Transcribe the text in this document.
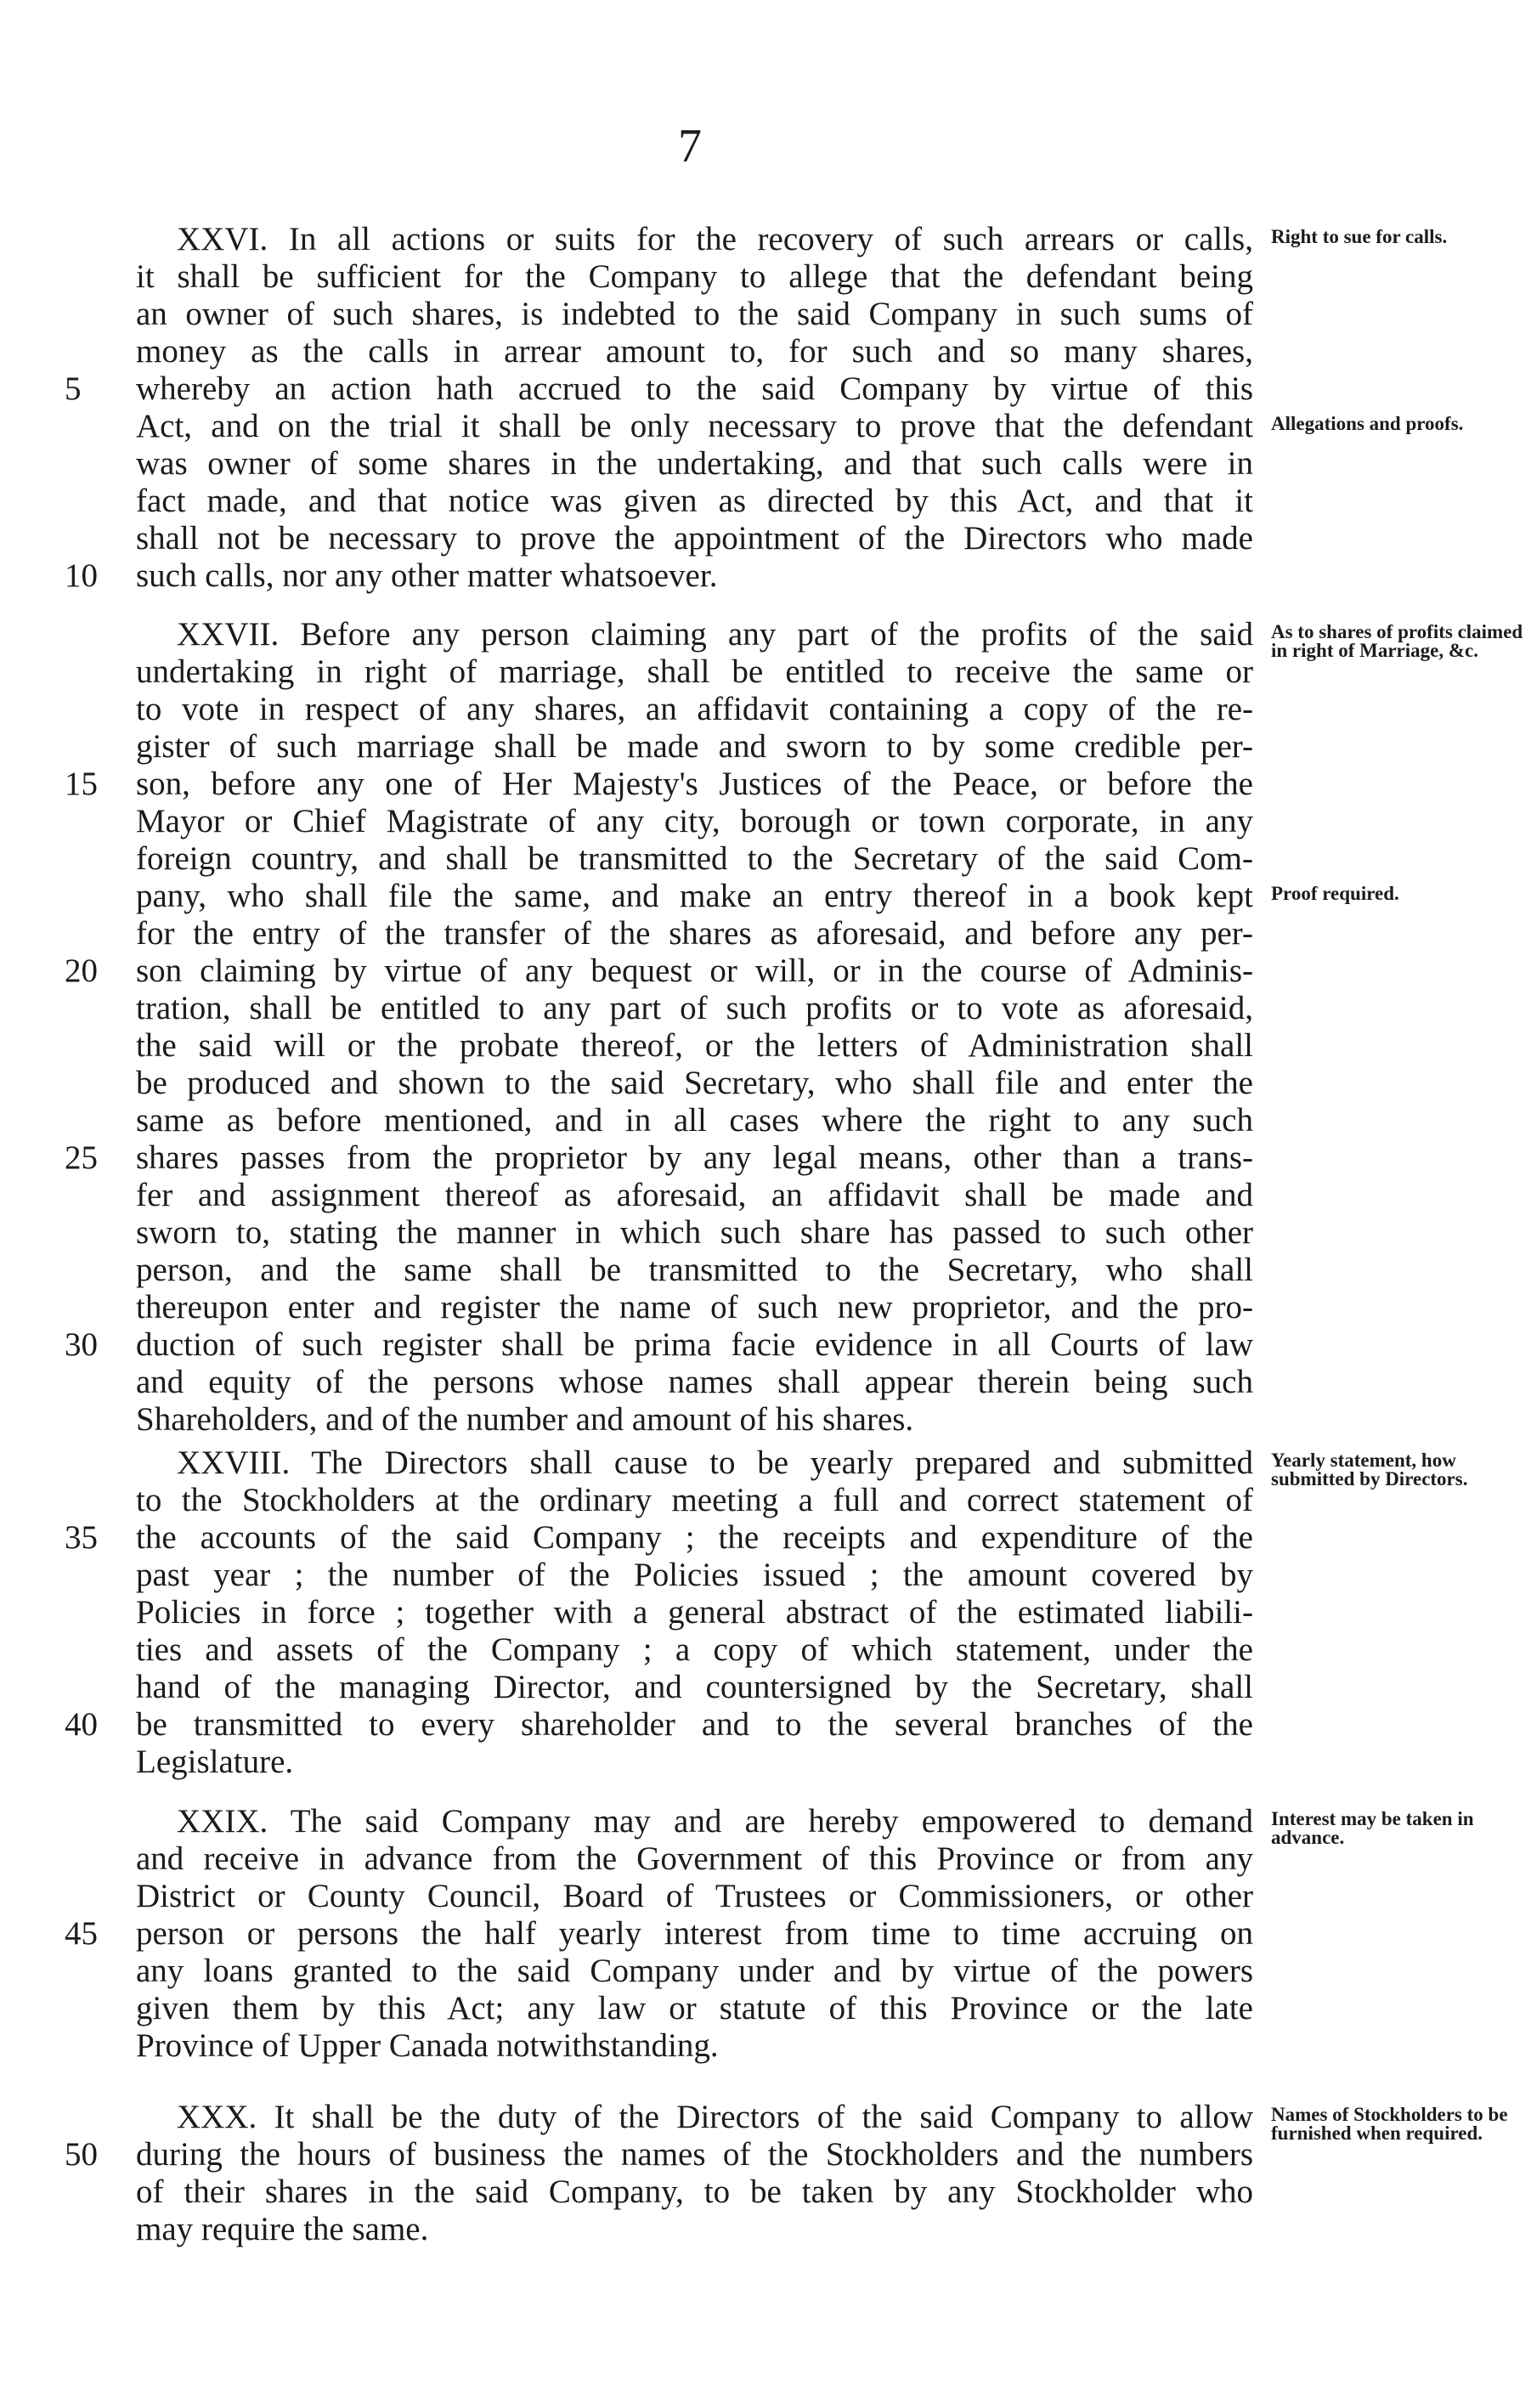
7
XXVI. In all actions or suits for the recovery of such arrears or calls,
it shall be sufficient for the Company to allege that the defendant being
an owner of such shares, is indebted to the said Company in such sums of
money as the calls in arrear amount to, for such and so many shares,
whereby an action hath accrued to the said Company by virtue of this
Act, and on the trial it shall be only necessary to prove that the defendant
was owner of some shares in the undertaking, and that such calls were in
fact made, and that notice was given as directed by this Act, and that it
shall not be necessary to prove the appointment of the Directors who made
such calls, nor any other matter whatsoever.
5
10
Right to sue for calls.
Allegations and proofs.
XXVII. Before any person claiming any part of the profits of the said
undertaking in right of marriage, shall be entitled to receive the same or
to vote in respect of any shares, an affidavit containing a copy of the re-
gister of such marriage shall be made and sworn to by some credible per-
son, before any one of Her Majesty's Justices of the Peace, or before the
Mayor or Chief Magistrate of any city, borough or town corporate, in any
foreign country, and shall be transmitted to the Secretary of the said Com-
pany, who shall file the same, and make an entry thereof in a book kept
for the entry of the transfer of the shares as aforesaid, and before any per-
son claiming by virtue of any bequest or will, or in the course of Adminis-
tration, shall be entitled to any part of such profits or to vote as aforesaid,
the said will or the probate thereof, or the letters of Administration shall
be produced and shown to the said Secretary, who shall file and enter the
same as before mentioned, and in all cases where the right to any such
shares passes from the proprietor by any legal means, other than a trans-
fer and assignment thereof as aforesaid, an affidavit shall be made and
sworn to, stating the manner in which such share has passed to such other
person, and the same shall be transmitted to the Secretary, who shall
thereupon enter and register the name of such new proprietor, and the pro-
duction of such register shall be prima facie evidence in all Courts of law
and equity of the persons whose names shall appear therein being such
Shareholders, and of the number and amount of his shares.
15
20
25
30
As to shares of profits claimed in right of Marriage, &c.
Proof required.
XXVIII. The Directors shall cause to be yearly prepared and submitted
to the Stockholders at the ordinary meeting a full and correct statement of
the accounts of the said Company ; the receipts and expenditure of the
past year ; the number of the Policies issued ; the amount covered by
Policies in force ; together with a general abstract of the estimated liabili-
ties and assets of the Company ; a copy of which statement, under the
hand of the managing Director, and countersigned by the Secretary, shall
be transmitted to every shareholder and to the several branches of the
Legislature.
35
40
Yearly statement, how submitted by Directors.
XXIX. The said Company may and are hereby empowered to demand
and receive in advance from the Government of this Province or from any
District or County Council, Board of Trustees or Commissioners, or other
person or persons the half yearly interest from time to time accruing on
any loans granted to the said Company under and by virtue of the powers
given them by this Act; any law or statute of this Province or the late
Province of Upper Canada notwithstanding.
45
Interest may be taken in advance.
XXX. It shall be the duty of the Directors of the said Company to allow
during the hours of business the names of the Stockholders and the numbers
of their shares in the said Company, to be taken by any Stockholder who
may require the same.
50
Names of Stockholders to be furnished when required.
